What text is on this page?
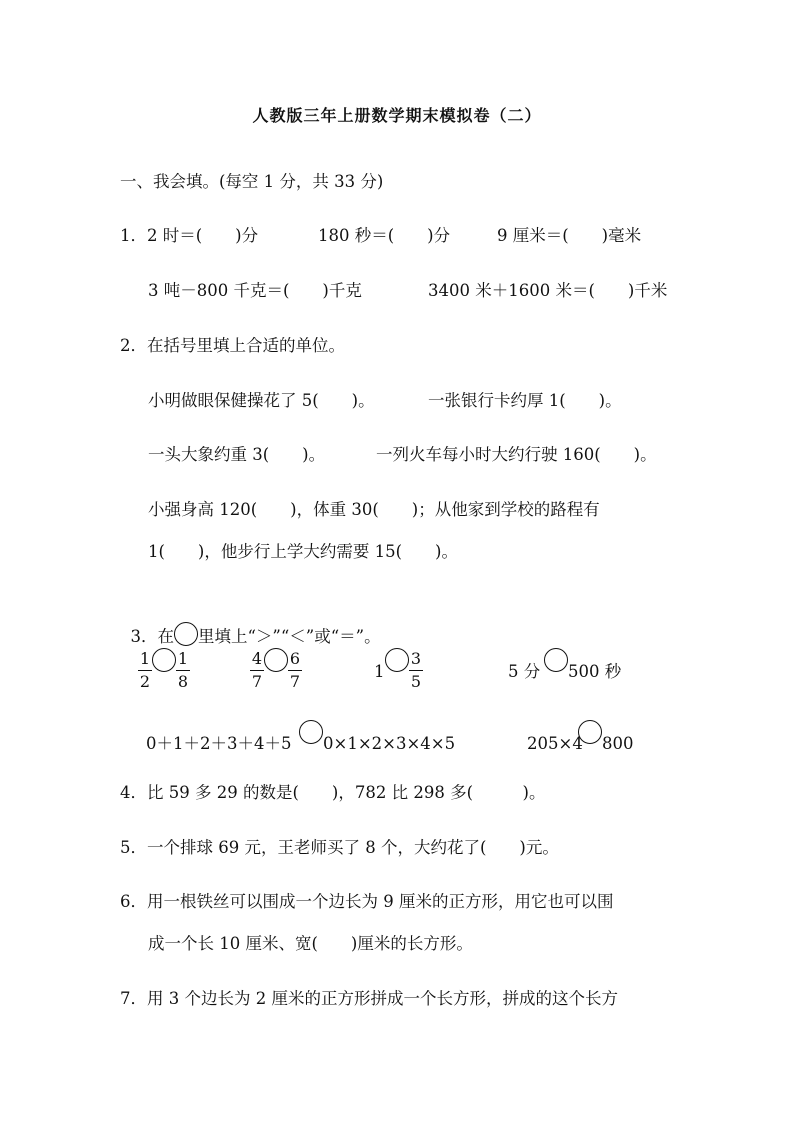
人教版三年上册数学期末模拟卷（二）
一、我会填。(每空 1 分，共 33 分)
1．2 时＝(　　)分	180 秒＝(　　)分	9 厘米＝(　　)毫米
3 吨－800 千克＝(　　)千克	3400 米＋1600 米＝(　　)千米
2．在括号里填上合适的单位。
小明做眼保健操花了 5(　　)。	一张银行卡约厚 1(　　)。
一头大象约重 3(　　)。	一列火车每小时大约行驶 160(　　)。
小强身高 120(　　)，体重 30(　　)；从他家到学校的路程有
1(　　)，他步行上学大约需要 15(　　)。

3．在 里填上“＞”“＜”或“＝”。

$\frac{1}{2} \frac{1}{8}$	$\frac{4}{7} \frac{6}{7}$	$1 \frac{3}{5}$	5 分 500 秒
0＋1＋2＋3＋4＋5 0×1×2×3×4×5	205×4 800
4．比 59 多 29 的数是(　　)，782 比 298 多(　　　)。
5．一个排球 69 元，王老师买了 8 个，大约花了(　　)元。
6．用一根铁丝可以围成一个边长为 9 厘米的正方形，用它也可以围
成一个长 10 厘米、宽(　　)厘米的长方形。
7．用 3 个边长为 2 厘米的正方形拼成一个长方形，拼成的这个长方
